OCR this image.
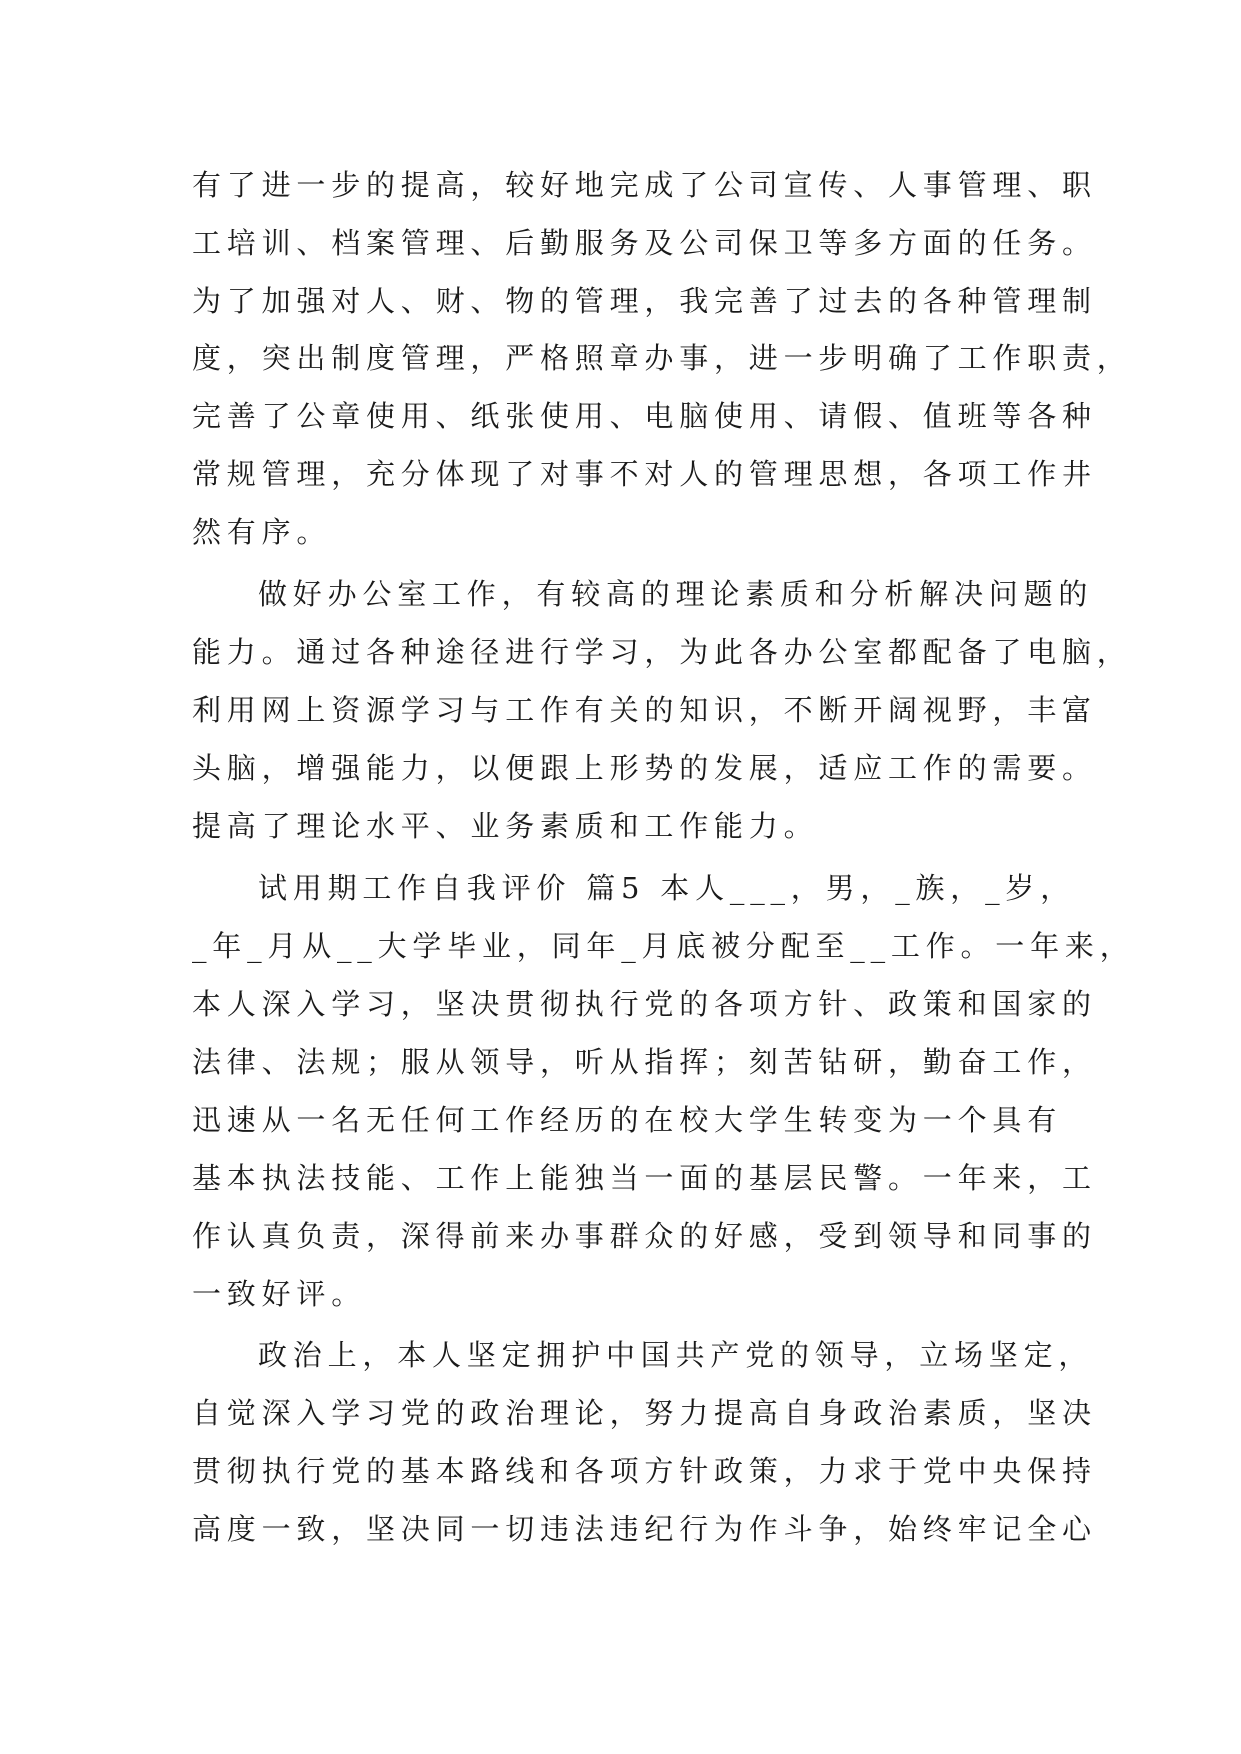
有了进一步的提高，较好地完成了公司宣传、人事管理、职
工培训、档案管理、后勤服务及公司保卫等多方面的任务。
为了加强对人、财、物的管理，我完善了过去的各种管理制
度，突出制度管理，严格照章办事，进一步明确了工作职责，
完善了公章使用、纸张使用、电脑使用、请假、值班等各种
常规管理，充分体现了对事不对人的管理思想，各项工作井
然有序。
做好办公室工作，有较高的理论素质和分析解决问题的
能力。通过各种途径进行学习，为此各办公室都配备了电脑，
利用网上资源学习与工作有关的知识，不断开阔视野，丰富
头脑，增强能力，以便跟上形势的发展，适应工作的需要。
提高了理论水平、业务素质和工作能力。
试用期工作自我评价 篇5 本人___，男，_族，_岁，
_年_月从__大学毕业，同年_月底被分配至__工作。一年来，
本人深入学习，坚决贯彻执行党的各项方针、政策和国家的
法律、法规；服从领导，听从指挥；刻苦钻研，勤奋工作，
迅速从一名无任何工作经历的在校大学生转变为一个具有
基本执法技能、工作上能独当一面的基层民警。一年来，工
作认真负责，深得前来办事群众的好感，受到领导和同事的
一致好评。
政治上，本人坚定拥护中国共产党的领导，立场坚定，
自觉深入学习党的政治理论，努力提高自身政治素质，坚决
贯彻执行党的基本路线和各项方针政策，力求于党中央保持
高度一致，坚决同一切违法违纪行为作斗争，始终牢记全心
